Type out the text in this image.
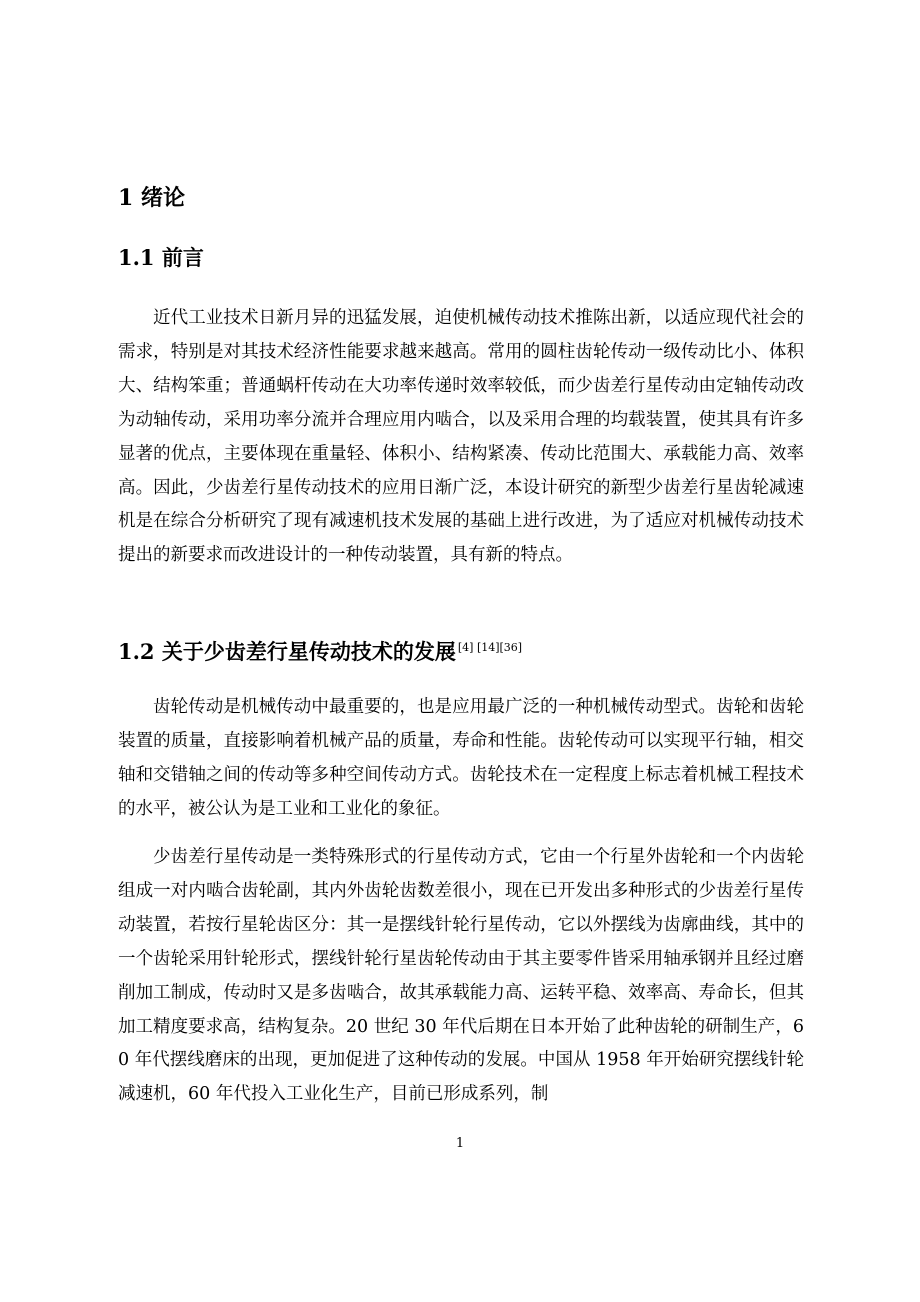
1 绪论
1.1 前言
近代工业技术日新月异的迅猛发展，迫使机械传动技术推陈出新，以适应现代社会的需求，特别是对其技术经济性能要求越来越高。常用的圆柱齿轮传动一级传动比小、体积大、结构笨重；普通蜗杆传动在大功率传递时效率较低，而少齿差行星传动由定轴传动改为动轴传动，采用功率分流并合理应用内啮合，以及采用合理的均载装置，使其具有许多显著的优点，主要体现在重量轻、体积小、结构紧凑、传动比范围大、承载能力高、效率高。因此，少齿差行星传动技术的应用日渐广泛，本设计研究的新型少齿差行星齿轮减速机是在综合分析研究了现有减速机技术发展的基础上进行改进，为了适应对机械传动技术提出的新要求而改进设计的一种传动装置，具有新的特点。
1.2 关于少齿差行星传动技术的发展 [4] [14][36]
齿轮传动是机械传动中最重要的，也是应用最广泛的一种机械传动型式。齿轮和齿轮装置的质量，直接影响着机械产品的质量，寿命和性能。齿轮传动可以实现平行轴，相交轴和交错轴之间的传动等多种空间传动方式。齿轮技术在一定程度上标志着机械工程技术的水平，被公认为是工业和工业化的象征。
少齿差行星传动是一类特殊形式的行星传动方式，它由一个行星外齿轮和一个内齿轮组成一对内啮合齿轮副，其内外齿轮齿数差很小，现在已开发出多种形式的少齿差行星传动装置，若按行星轮齿区分：其一是摆线针轮行星传动，它以外摆线为齿廓曲线，其中的一个齿轮采用针轮形式，摆线针轮行星齿轮传动由于其主要零件皆采用轴承钢并且经过磨削加工制成，传动时又是多齿啮合，故其承载能力高、运转平稳、效率高、寿命长，但其加工精度要求高，结构复杂。20 世纪 30 年代后期在日本开始了此种齿轮的研制生产，60 年代摆线磨床的出现，更加促进了这种传动的发展。中国从 1958 年开始研究摆线针轮减速机，60 年代投入工业化生产，目前已形成系列，制
1
